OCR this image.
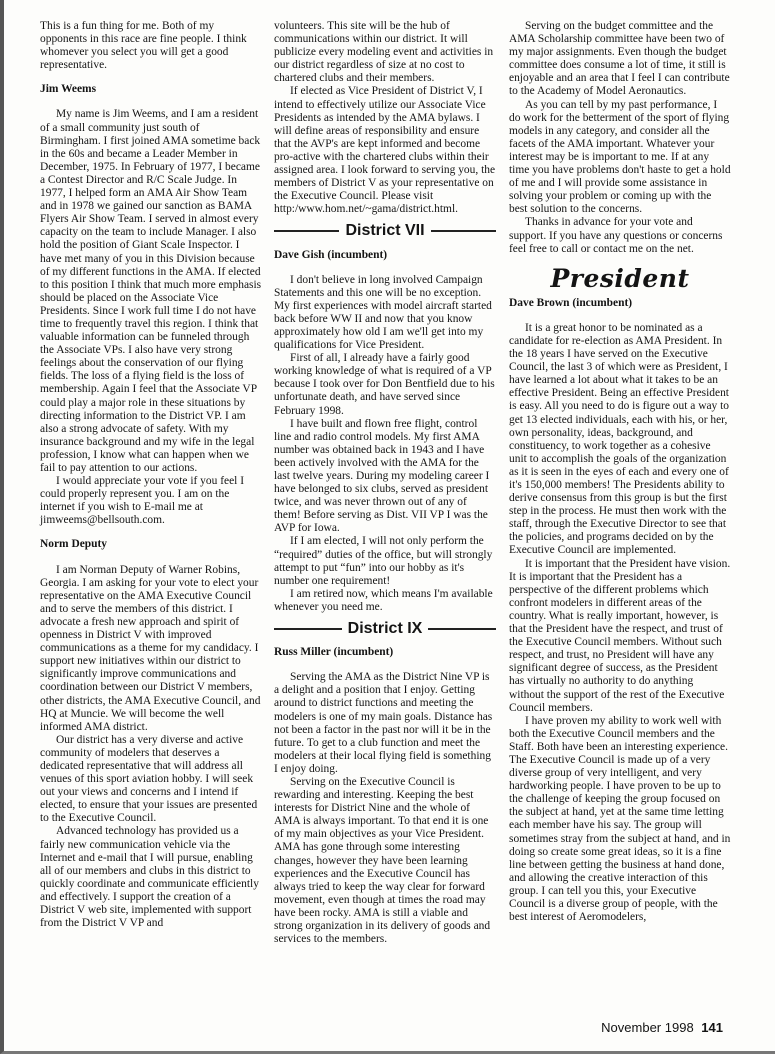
This is a fun thing for me. Both of my opponents in this race are fine people. I think whomever you select you will get a good representative.

Jim Weems

My name is Jim Weems, and I am a resident of a small community just south of Birmingham. I first joined AMA sometime back in the 60s and became a Leader Member in December, 1975. In February of 1977, I became a Contest Director and R/C Scale Judge. In 1977, I helped form an AMA Air Show Team and in 1978 we gained our sanction as BAMA Flyers Air Show Team. I served in almost every capacity on the team to include Manager. I also hold the position of Giant Scale Inspector. I have met many of you in this Division because of my different functions in the AMA. If elected to this position I think that much more emphasis should be placed on the Associate Vice Presidents. Since I work full time I do not have time to frequently travel this region. I think that valuable information can be funneled through the Associate VPs. I also have very strong feelings about the conservation of our flying fields. The loss of a flying field is the loss of membership. Again I feel that the Associate VP could play a major role in these situations by directing information to the District VP. I am also a strong advocate of safety. With my insurance background and my wife in the legal profession, I know what can happen when we fail to pay attention to our actions.

I would appreciate your vote if you feel I could properly represent you. I am on the internet if you wish to E-mail me at jimweems@bellsouth.com.

Norm Deputy

I am Norman Deputy of Warner Robins, Georgia. I am asking for your vote to elect your representative on the AMA Executive Council and to serve the members of this district. I advocate a fresh new approach and spirit of openness in District V with improved communications as a theme for my candidacy. I support new initiatives within our district to significantly improve communications and coordination between our District V members, other districts, the AMA Executive Council, and HQ at Muncie. We will become the well informed AMA district.

Our district has a very diverse and active community of modelers that deserves a dedicated representative that will address all venues of this sport aviation hobby. I will seek out your views and concerns and I intend if elected, to ensure that your issues are presented to the Executive Council.

Advanced technology has provided us a fairly new communication vehicle via the Internet and e-mail that I will pursue, enabling all of our members and clubs in this district to quickly coordinate and communicate efficiently and effectively. I support the creation of a District V web site, implemented with support from the District V VP and

volunteers. This site will be the hub of communications within our district. It will publicize every modeling event and activities in our district regardless of size at no cost to chartered clubs and their members.

If elected as Vice President of District V, I intend to effectively utilize our Associate Vice Presidents as intended by the AMA bylaws. I will define areas of responsibility and ensure that the AVP's are kept informed and become pro-active with the chartered clubs within their assigned area. I look forward to serving you, the members of District V as your representative on the Executive Council. Please visit http:/www.hom.net/~gama/district.html.

District VII
Dave Gish (incumbent)

I don't believe in long involved Campaign Statements and this one will be no exception. My first experiences with model aircraft started back before WW II and now that you know approximately how old I am we'll get into my qualifications for Vice President.

First of all, I already have a fairly good working knowledge of what is required of a VP because I took over for Don Bentfield due to his unfortunate death, and have served since February 1998.

I have built and flown free flight, control line and radio control models. My first AMA number was obtained back in 1943 and I have been actively involved with the AMA for the last twelve years. During my modeling career I have belonged to six clubs, served as president twice, and was never thrown out of any of them! Before serving as Dist. VII VP I was the AVP for Iowa.

If I am elected, I will not only perform the “required” duties of the office, but will strongly attempt to put “fun” into our hobby as it's number one requirement!

I am retired now, which means I'm available whenever you need me.

District IX
Russ Miller (incumbent)

Serving the AMA as the District Nine VP is a delight and a position that I enjoy. Getting around to district functions and meeting the modelers is one of my main goals. Distance has not been a factor in the past nor will it be in the future. To get to a club function and meet the modelers at their local flying field is something I enjoy doing.

Serving on the Executive Council is rewarding and interesting. Keeping the best interests for District Nine and the whole of AMA is always important. To that end it is one of my main objectives as your Vice President. AMA has gone through some interesting changes, however they have been learning experiences and the Executive Council has always tried to keep the way clear for forward movement, even though at times the road may have been rocky. AMA is still a viable and strong organization in its delivery of goods and services to the members.

Serving on the budget committee and the AMA Scholarship committee have been two of my major assignments. Even though the budget committee does consume a lot of time, it still is enjoyable and an area that I feel I can contribute to the Academy of Model Aeronautics.

As you can tell by my past performance, I do work for the betterment of the sport of flying models in any category, and consider all the facets of the AMA important. Whatever your interest may be is important to me. If at any time you have problems don't haste to get a hold of me and I will provide some assistance in solving your problem or coming up with the best solution to the concerns.

Thanks in advance for your vote and support. If you have any questions or concerns feel free to call or contact me on the net.

President
Dave Brown (incumbent)

It is a great honor to be nominated as a candidate for re-election as AMA President. In the 18 years I have served on the Executive Council, the last 3 of which were as President, I have learned a lot about what it takes to be an effective President. Being an effective President is easy. All you need to do is figure out a way to get 13 elected individuals, each with his, or her, own personality, ideas, background, and constituency, to work together as a cohesive unit to accomplish the goals of the organization as it is seen in the eyes of each and every one of it's 150,000 members! The Presidents ability to derive consensus from this group is but the first step in the process. He must then work with the staff, through the Executive Director to see that the policies, and programs decided on by the Executive Council are implemented.

It is important that the President have vision. It is important that the President has a perspective of the different problems which confront modelers in different areas of the country. What is really important, however, is that the President have the respect, and trust of the Executive Council members. Without such respect, and trust, no President will have any significant degree of success, as the President has virtually no authority to do anything without the support of the rest of the Executive Council members.

I have proven my ability to work well with both the Executive Council members and the Staff. Both have been an interesting experience. The Executive Council is made up of a very diverse group of very intelligent, and very hardworking people. I have proven to be up to the challenge of keeping the group focused on the subject at hand, yet at the same time letting each member have his say. The group will sometimes stray from the subject at hand, and in doing so create some great ideas, so it is a fine line between getting the business at hand done, and allowing the creative interaction of this group. I can tell you this, your Executive Council is a diverse group of people, with the best interest of Aeromodelers,

November 1998 141
